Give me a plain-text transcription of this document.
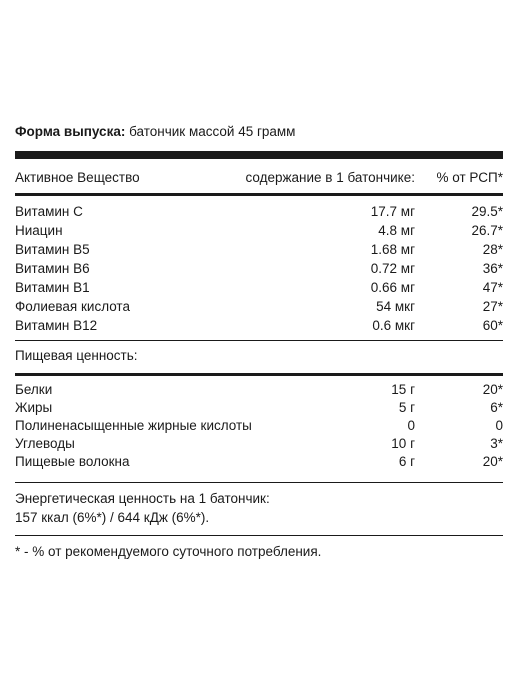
Форма выпуска: батончик массой 45 грамм
Активное Вещество	содержание в 1 батончике: % от РСП*
Витамин С	17.7 мг	29.5*
Ниацин	4.8 мг	26.7*
Витамин В5	1.68 мг	28*
Витамин В6	0.72 мг	36*
Витамин В1	0.66 мг	47*
Фолиевая кислота	54 мкг	27*
Витамин В12	0.6 мкг	60*
Пищевая ценность:
Белки	15 г	20*
Жиры	5 г	6*
Полиненасыщенные жирные кислоты	0	0
Углеводы	10 г	3*
Пищевые волокна	6 г	20*
Энергетическая ценность на 1 батончик:
157 ккал (6%*) / 644 кДж (6%*).
* - % от рекомендуемого суточного потребления.
